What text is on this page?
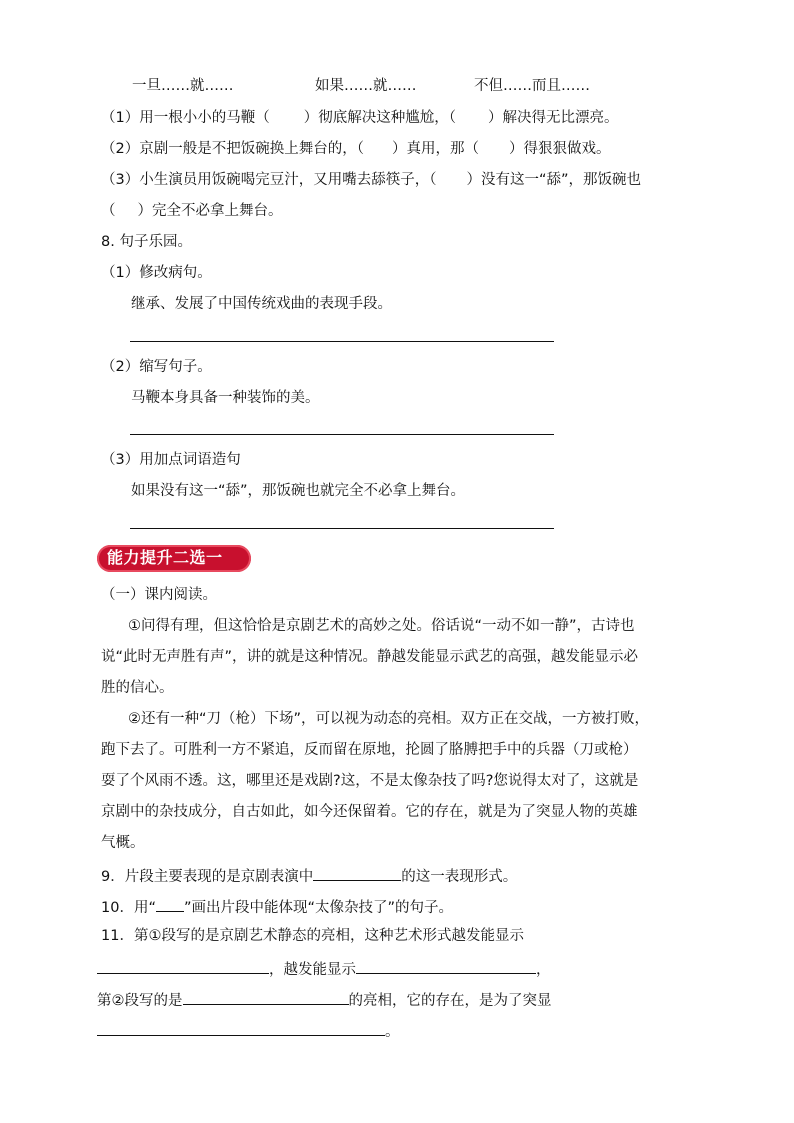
一旦……就……	如果……就……	不但……而且……
（1）用一根小小的马鞭（ ）彻底解决这种尴尬，（ ）解决得无比漂亮。
（2）京剧一般是不把饭碗换上舞台的，（ ）真用，那（ ）得狠狠做戏。
（3）小生演员用饭碗喝完豆汁，又用嘴去舔筷子，（ ）没有这一“舔”，那饭碗也
（ ）完全不必拿上舞台。
8. 句子乐园。
（1）修改病句。
继承、发展了中国传统戏曲的表现手段。
（2）缩写句子。
马鞭本身具备一种装饰的美。
（3）用加点词语造句
如果没有这一“舔”，那饭碗也就完全不必拿上舞台。
能力提升二选一
（一）课内阅读。
①问得有理，但这恰恰是京剧艺术的高妙之处。俗话说“一动不如一静”，古诗也
说“此时无声胜有声”，讲的就是这种情况。静越发能显示武艺的高强，越发能显示必
胜的信心。
②还有一种“刀（枪）下场”，可以视为动态的亮相。双方正在交战，一方被打败，
跑下去了。可胜利一方不紧追，反而留在原地，抡圆了胳膊把手中的兵器（刀或枪）
耍了个风雨不透。这，哪里还是戏剧?这，不是太像杂技了吗?您说得太对了，这就是
京剧中的杂技成分，自古如此，如今还保留着。它的存在，就是为了突显人物的英雄
气概。
9．片段主要表现的是京剧表演中	的这一表现形式。
10．用“ ”画出片段中能体现“太像杂技了”的句子。
11．第①段写的是京剧艺术静态的亮相，这种艺术形式越发能显示
，越发能显示	，
第②段写的是	的亮相，它的存在，是为了突显
。
